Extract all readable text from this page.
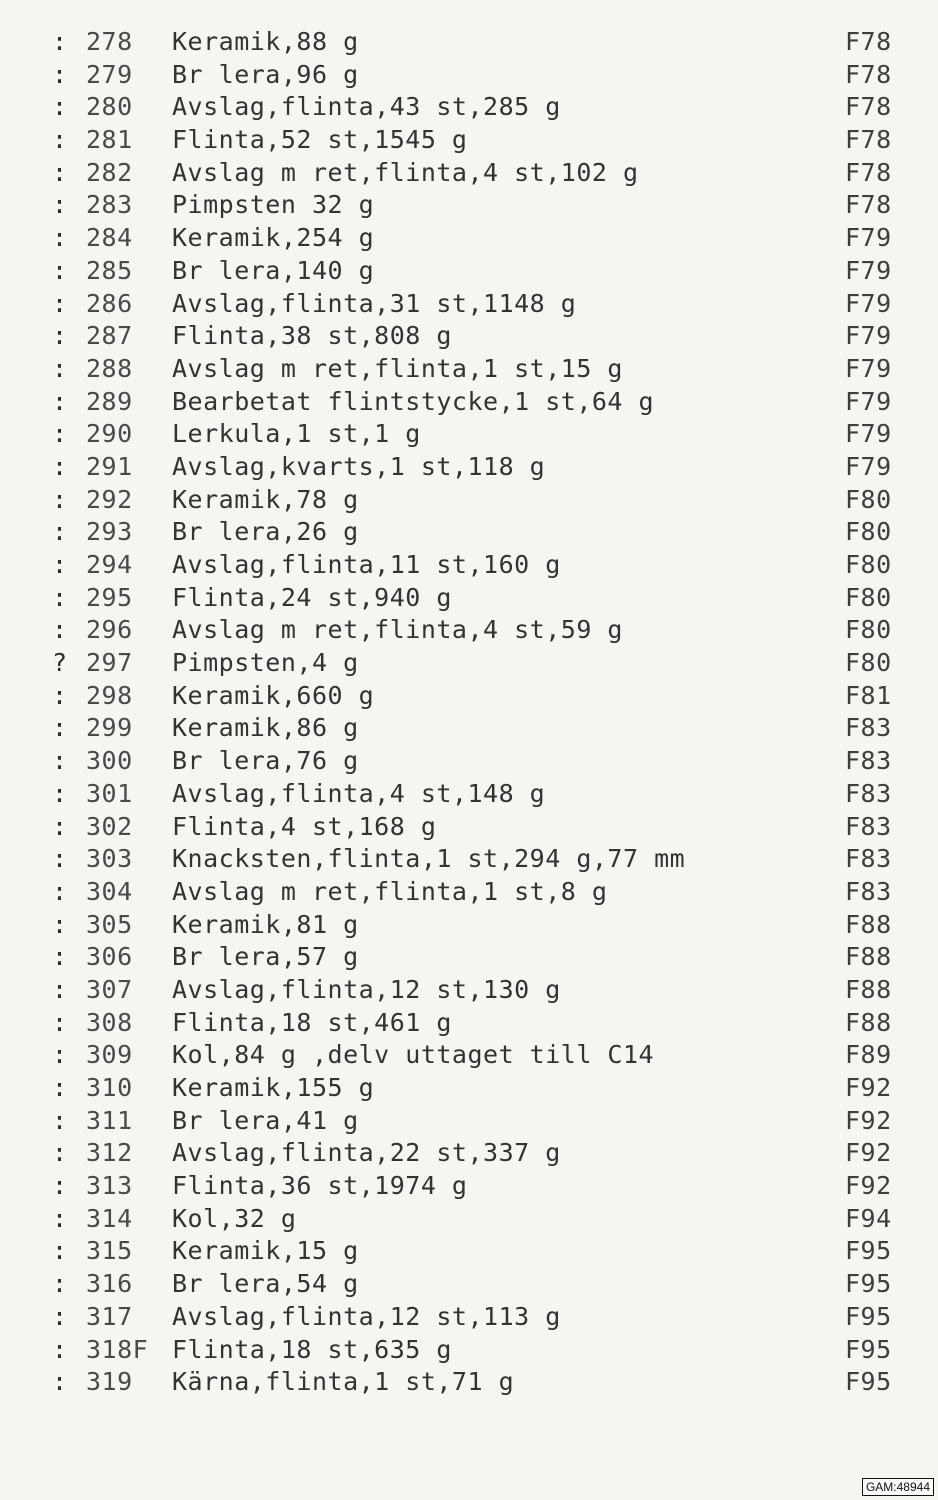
: 278	Keramik,88 g	F78
: 279	Br lera,96 g	F78
: 280	Avslag,flinta,43 st,285 g	F78
: 281	Flinta,52 st,1545 g	F78
: 282	Avslag m ret,flinta,4 st,102 g	F78
: 283	Pimpsten 32 g	F78
: 284	Keramik,254 g	F79
: 285	Br lera,140 g	F79
: 286	Avslag,flinta,31 st,1148 g	F79
: 287	Flinta,38 st,808 g	F79
: 288	Avslag m ret,flinta,1 st,15 g	F79
: 289	Bearbetat flintstycke,1 st,64 g	F79
: 290	Lerkula,1 st,1 g	F79
: 291	Avslag,kvarts,1 st,118 g	F79
: 292	Keramik,78 g	F80
: 293	Br lera,26 g	F80
: 294	Avslag,flinta,11 st,160 g	F80
: 295	Flinta,24 st,940 g	F80
: 296	Avslag m ret,flinta,4 st,59 g	F80
? 297	Pimpsten,4 g	F80
: 298	Keramik,660 g	F81
: 299	Keramik,86 g	F83
: 300	Br lera,76 g	F83
: 301	Avslag,flinta,4 st,148 g	F83
: 302	Flinta,4 st,168 g	F83
: 303	Knacksten,flinta,1 st,294 g,77 mm	F83
: 304	Avslag m ret,flinta,1 st,8 g	F83
: 305	Keramik,81 g	F88
: 306	Br lera,57 g	F88
: 307	Avslag,flinta,12 st,130 g	F88
: 308	Flinta,18 st,461 g	F88
: 309	Kol,84 g ,delv uttaget till C14	F89
: 310	Keramik,155 g	F92
: 311	Br lera,41 g	F92
: 312	Avslag,flinta,22 st,337 g	F92
: 313	Flinta,36 st,1974 g	F92
: 314	Kol,32 g	F94
: 315	Keramik,15 g	F95
: 316	Br lera,54 g	F95
: 317	Avslag,flinta,12 st,113 g	F95
: 318F Flinta,18 st,635 g	F95
: 319	Kärna,flinta,1 st,71 g	F95
GAM:48944
